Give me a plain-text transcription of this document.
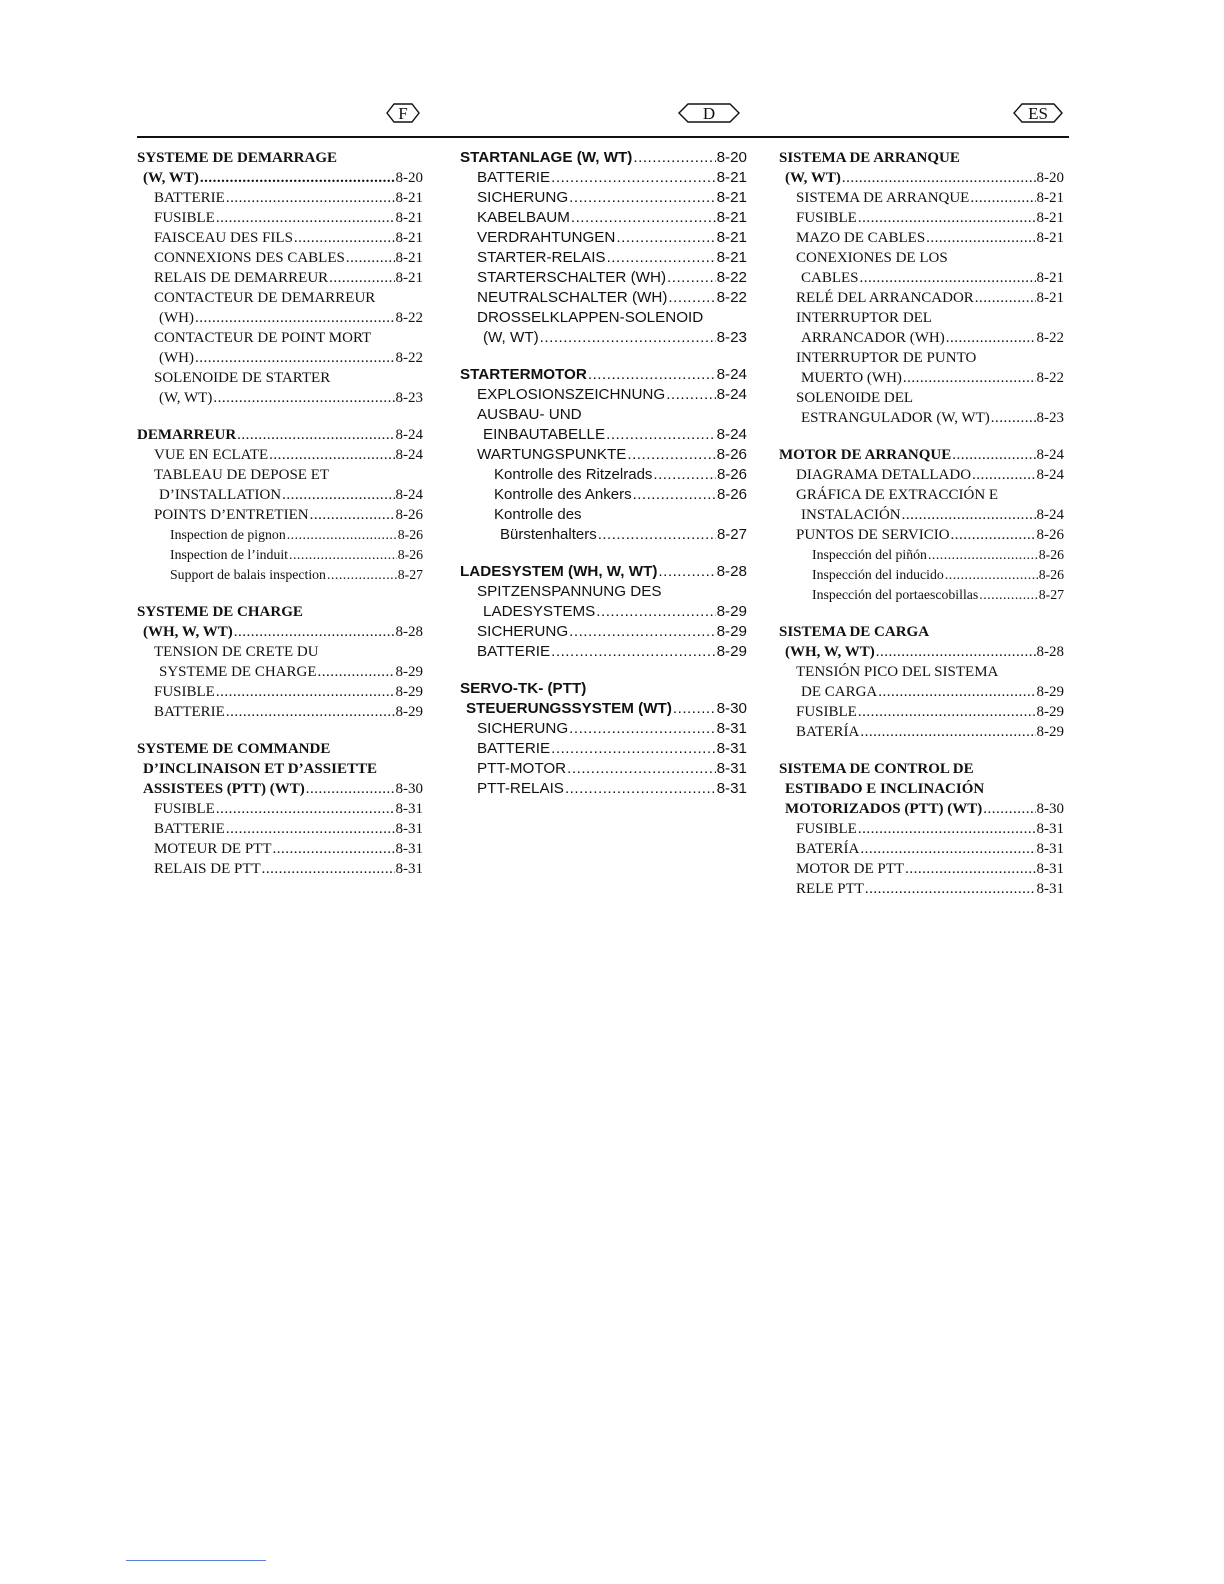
F	D	ES
SYSTEME DE DEMARRAGE
(W, WT) .....	8-20
BATTERIE .....	8-21
FUSIBLE .....	8-21
FAISCEAU DES FILS .....	8-21
CONNEXIONS DES CABLES .....	8-21
RELAIS DE DEMARREUR .....	8-21
CONTACTEUR DE DEMARREUR
(WH) .....	8-22
CONTACTEUR DE POINT MORT
(WH) .....	8-22
SOLENOIDE DE STARTER
(W, WT) .....	8-23
DEMARREUR .....	8-24
VUE EN ECLATE .....	8-24
TABLEAU DE DEPOSE ET
D’INSTALLATION .....	8-24
POINTS D’ENTRETIEN .....	8-26
Inspection de pignon .....	8-26
Inspection de l’induit .....	8-26
Support de balais inspection .....	8-27
SYSTEME DE CHARGE
(WH, W, WT) .....	8-28
TENSION DE CRETE DU
SYSTEME DE CHARGE .....	8-29
FUSIBLE .....	8-29
BATTERIE .....	8-29
SYSTEME DE COMMANDE
D’INCLINAISON ET D’ASSIETTE
ASSISTEES (PTT) (WT) .....	8-30
FUSIBLE .....	8-31
BATTERIE .....	8-31
MOTEUR DE PTT .....	8-31
RELAIS DE PTT .....	8-31
STARTANLAGE (W, WT) .....	8-20
BATTERIE .....	8-21
SICHERUNG .....	8-21
KABELBAUM .....	8-21
VERDRAHTUNGEN .....	8-21
STARTER-RELAIS .....	8-21
STARTERSCHALTER (WH) .....	8-22
NEUTRALSCHALTER (WH) .....	8-22
DROSSELKLAPPEN-SOLENOID
(W, WT) .....	8-23
STARTERMOTOR .....	8-24
EXPLOSIONSZEICHNUNG .....	8-24
AUSBAU- UND
EINBAUTABELLE .....	8-24
WARTUNGSPUNKTE .....	8-26
Kontrolle des Ritzelrads .....	8-26
Kontrolle des Ankers .....	8-26
Kontrolle des
Bürstenhalters .....	8-27
LADESYSTEM (WH, W, WT) .....	8-28
SPITZENSPANNUNG DES
LADESYSTEMS .....	8-29
SICHERUNG .....	8-29
BATTERIE .....	8-29
SERVO-TK- (PTT)
STEUERUNGSSYSTEM (WT) .....	8-30
SICHERUNG .....	8-31
BATTERIE .....	8-31
PTT-MOTOR .....	8-31
PTT-RELAIS .....	8-31
SISTEMA DE ARRANQUE
(W, WT) .....	8-20
SISTEMA DE ARRANQUE .....	8-21
FUSIBLE .....	8-21
MAZO DE CABLES .....	8-21
CONEXIONES DE LOS
CABLES .....	8-21
RELÉ DEL ARRANCADOR .....	8-21
INTERRUPTOR DEL
ARRANCADOR (WH) .....	8-22
INTERRUPTOR DE PUNTO
MUERTO (WH) .....	8-22
SOLENOIDE DEL
ESTRANGULADOR (W, WT) .....	8-23
MOTOR DE ARRANQUE .....	8-24
DIAGRAMA DETALLADO .....	8-24
GRÁFICA DE EXTRACCIÓN E
INSTALACIÓN .....	8-24
PUNTOS DE SERVICIO .....	8-26
Inspección del piñón .....	8-26
Inspección del inducido .....	8-26
Inspección del portaescobillas .....	8-27
SISTEMA DE CARGA
(WH, W, WT) .....	8-28
TENSIÓN PICO DEL SISTEMA
DE CARGA .....	8-29
FUSIBLE .....	8-29
BATERÍA .....	8-29
SISTEMA DE CONTROL DE
ESTIBADO E INCLINACIÓN
MOTORIZADOS (PTT) (WT) .....	8-30
FUSIBLE .....	8-31
BATERÍA .....	8-31
MOTOR DE PTT .....	8-31
RELE PTT .....	8-31
